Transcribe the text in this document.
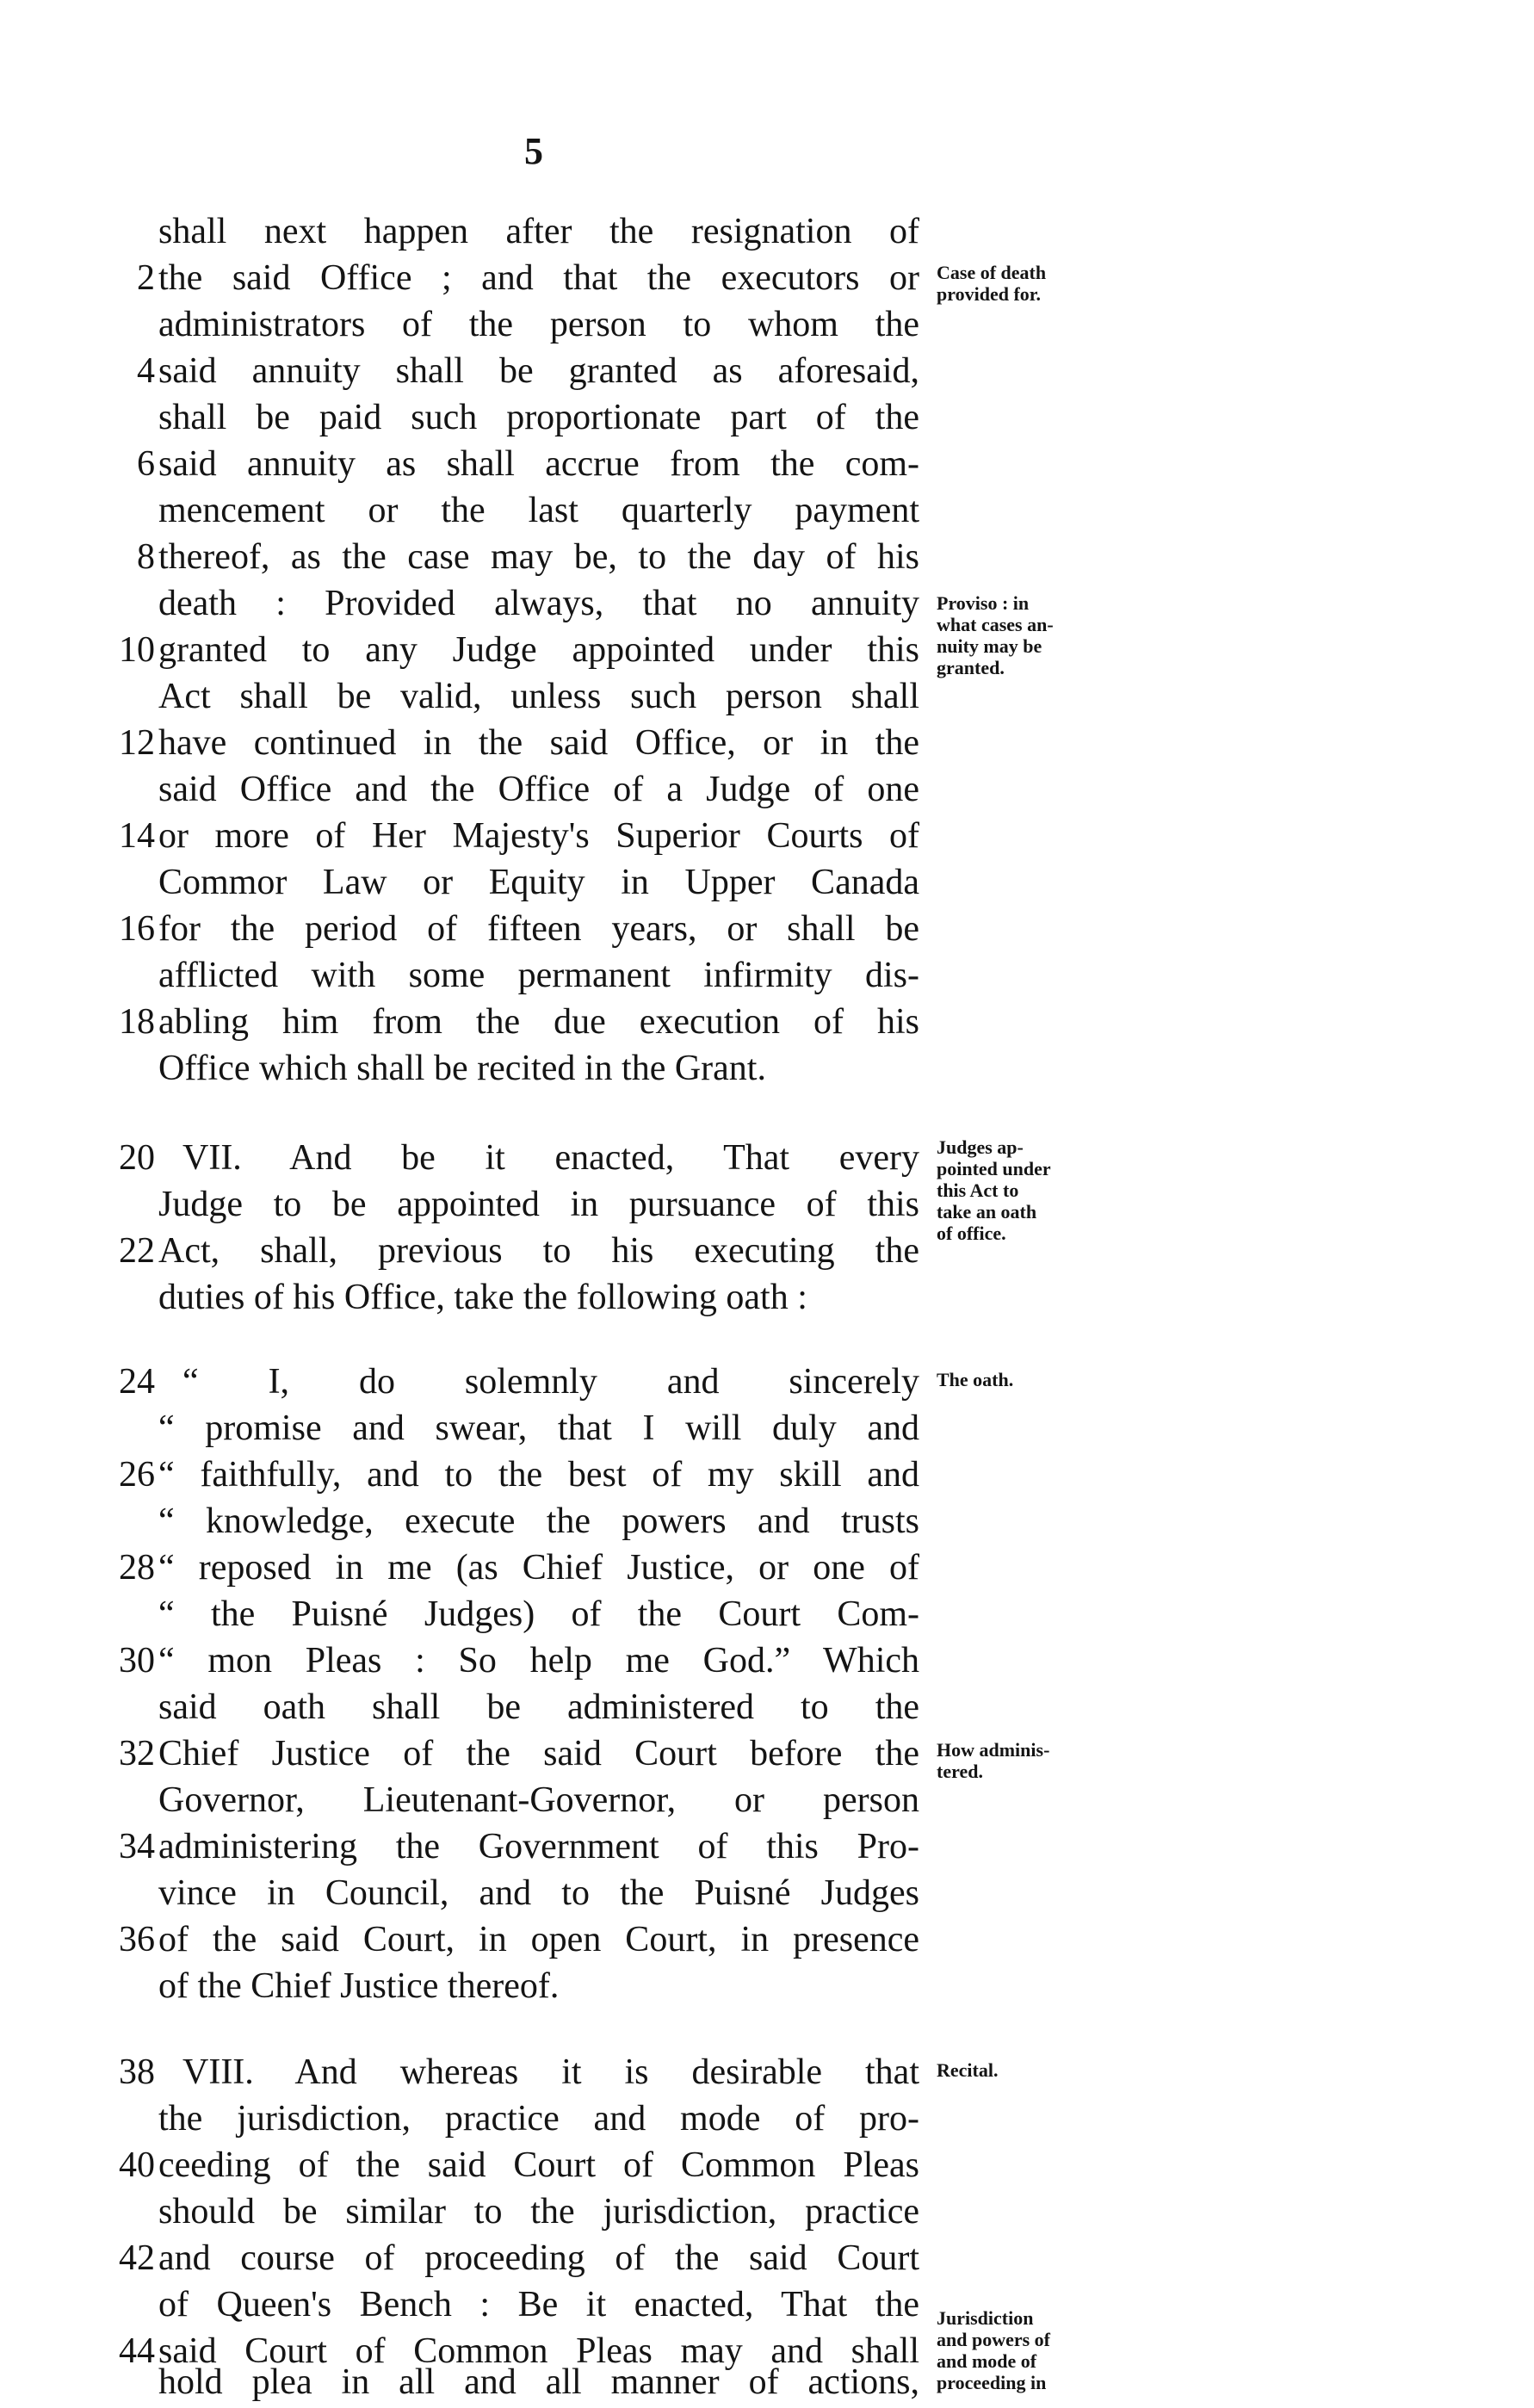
5
shall next happen after the resignation of
2 the said Office ; and that the executors or
administrators of the person to whom the
4 said annuity shall be granted as aforesaid,
shall be paid such proportionate part of the
6 said annuity as shall accrue from the com-
mencement or the last quarterly payment
8 thereof, as the case may be, to the day of his
death : Provided always, that no annuity
10 granted to any Judge appointed under this
Act shall be valid, unless such person shall
12 have continued in the said Office, or in the
said Office and the Office of a Judge of one
14 or more of Her Majesty's Superior Courts of
Commor Law or Equity in Upper Canada
16 for the period of fifteen years, or shall be
afflicted with some permanent infirmity dis-
18 abling him from the due execution of his
Office which shall be recited in the Grant.
20 VII. And be it enacted, That every
Judge to be appointed in pursuance of this
22 Act, shall, previous to his executing the
duties of his Office, take the following oath :
24 “ I, do solemnly and sincerely
“ promise and swear, that I will duly and
26 “ faithfully, and to the best of my skill and
“ knowledge, execute the powers and trusts
28 “ reposed in me (as Chief Justice, or one of
“ the Puisné Judges) of the Court Com-
30 “ mon Pleas : So help me God.” Which
said oath shall be administered to the
32 Chief Justice of the said Court before the
Governor, Lieutenant-Governor, or person
34 administering the Government of this Pro-
vince in Council, and to the Puisné Judges
36 of the said Court, in open Court, in presence
of the Chief Justice thereof.
38 VIII. And whereas it is desirable that
the jurisdiction, practice and mode of pro-
40 ceeding of the said Court of Common Pleas
should be similar to the jurisdiction, practice
42 and course of proceeding of the said Court
of Queen's Bench : Be it enacted, That the
44 said Court of Common Pleas may and shall
hold plea in all and all manner of actions,
Case of death
provided for.
Proviso : in
what cases an-
nuity may be
granted.
Judges ap-
pointed under
this Act to
take an oath
of office.
The oath.
How adminis-
tered.
Recital.
Jurisdiction
and powers of
and mode of
proceeding in
